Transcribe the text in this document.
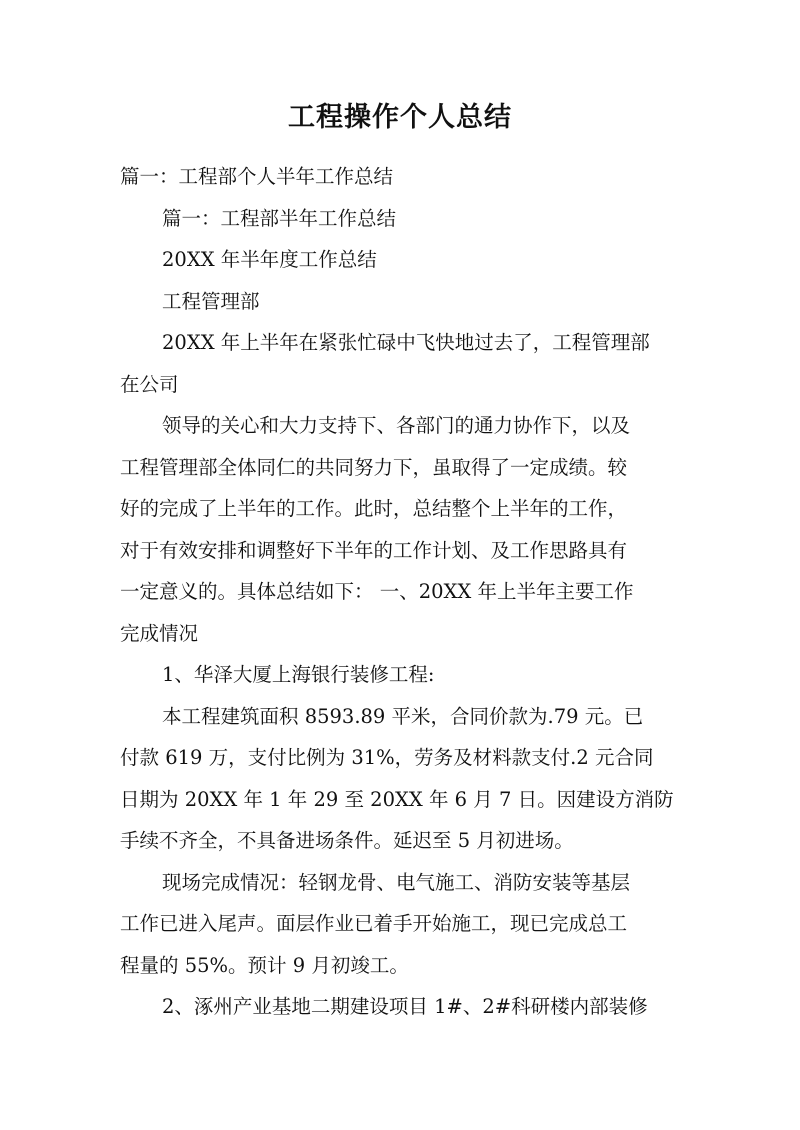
工程操作个人总结
篇一：工程部个人半年工作总结
篇一：工程部半年工作总结
20XX 年半年度工作总结
工程管理部
20XX 年上半年在紧张忙碌中飞快地过去了，工程管理部
在公司
领导的关心和大力支持下、各部门的通力协作下，以及
工程管理部全体同仁的共同努力下，虽取得了一定成绩。较
好的完成了上半年的工作。此时，总结整个上半年的工作，
对于有效安排和调整好下半年的工作计划、及工作思路具有
一定意义的。具体总结如下： 一、20XX 年上半年主要工作
完成情况
1、华泽大厦上海银行装修工程:
本工程建筑面积 8593.89 平米，合同价款为.79 元。已
付款 619 万，支付比例为 31%，劳务及材料款支付.2 元合同
日期为 20XX 年 1 年 29 至 20XX 年 6 月 7 日。因建设方消防
手续不齐全，不具备进场条件。延迟至 5 月初进场。
现场完成情况：轻钢龙骨、电气施工、消防安装等基层
工作已进入尾声。面层作业已着手开始施工，现已完成总工
程量的 55%。预计 9 月初竣工。
2、涿州产业基地二期建设项目 1#、2#科研楼内部装修
